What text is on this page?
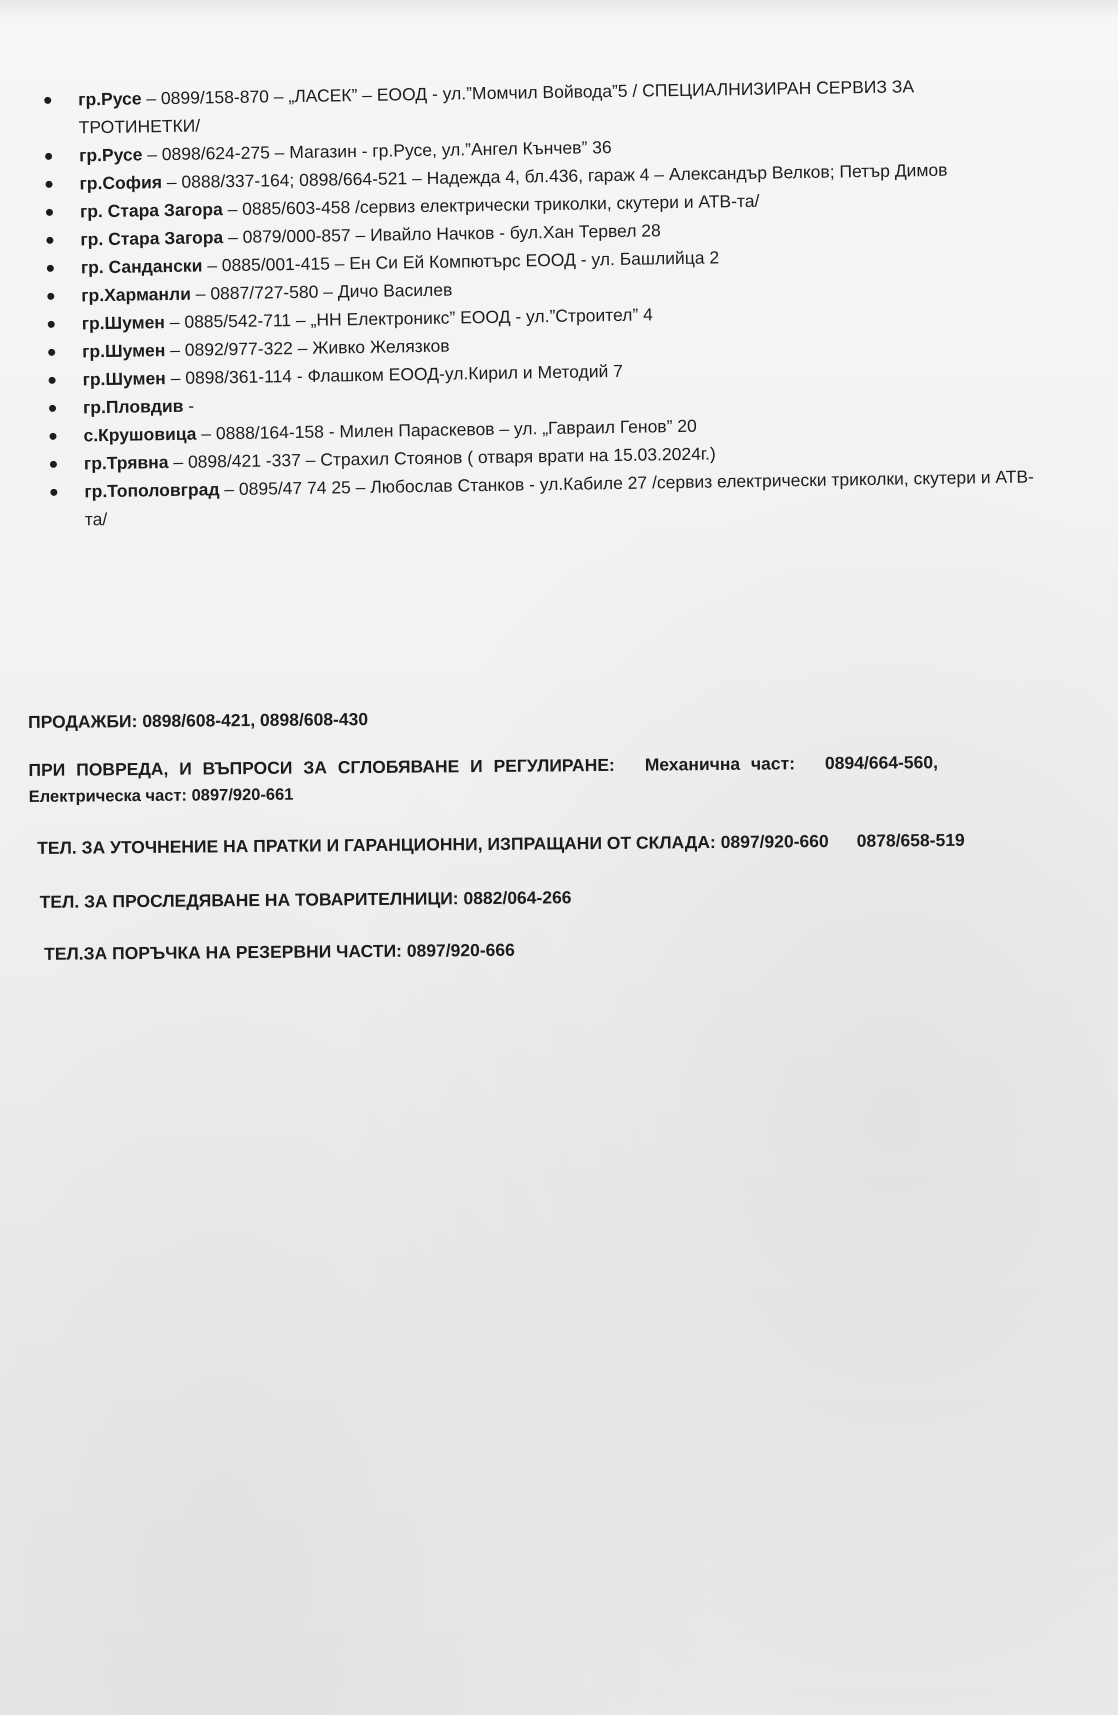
гр.Русе – 0899/158-870 – „ЛАСЕК” – ЕООД - ул.”Момчил Войвода”5 / СПЕЦИАЛНИЗИРАН СЕРВИЗ ЗА ТРОТИНЕТКИ/
гр.Русе – 0898/624-275 – Магазин - гр.Русе, ул.”Ангел Кънчев” 36
гр.София – 0888/337-164; 0898/664-521 – Надежда 4, бл.436, гараж 4 – Александър Велков; Петър Димов
гр. Стара Загора – 0885/603-458 /сервиз електрически триколки, скутери и АТВ-та/
гр. Стара Загора – 0879/000-857 – Ивайло Начков - бул.Хан Тервел 28
гр. Сандански – 0885/001-415 – Ен Си Ей Компютърс ЕООД - ул. Башлийца 2
гр.Харманли – 0887/727-580 – Дичо Василев
гр.Шумен – 0885/542-711 – „НН Електроникс” ЕООД - ул.”Строител” 4
гр.Шумен – 0892/977-322 – Живко Желязков
гр.Шумен – 0898/361-114 - Флашком ЕООД-ул.Кирил и Методий 7
гр.Пловдив -
с.Крушовица – 0888/164-158 - Милен Параскевов – ул. „Гавраил Генов” 20
гр.Трявна – 0898/421 -337 – Страхил Стоянов ( отваря врати на 15.03.2024г.)
гр.Тополовград – 0895/47 74 25 – Любослав Станков - ул.Кабиле 27 /сервиз електрически триколки, скутери и АТВ-та/
ПРОДАЖБИ: 0898/608-421, 0898/608-430
ПРИ ПОВРЕДА, И ВЪПРОСИ ЗА СГЛОБЯВАНЕ И РЕГУЛИРАНЕ: Механична част: 0894/664-560,
Електрическа част: 0897/920-661
ТЕЛ. ЗА УТОЧНЕНИЕ НА ПРАТКИ И ГАРАНЦИОННИ, ИЗПРАЩАНИ ОТ СКЛАДА: 0897/920-660 0878/658-519
ТЕЛ. ЗА ПРОСЛЕДЯВАНЕ НА ТОВАРИТЕЛНИЦИ: 0882/064-266
ТЕЛ.ЗА ПОРЪЧКА НА РЕЗЕРВНИ ЧАСТИ: 0897/920-666
